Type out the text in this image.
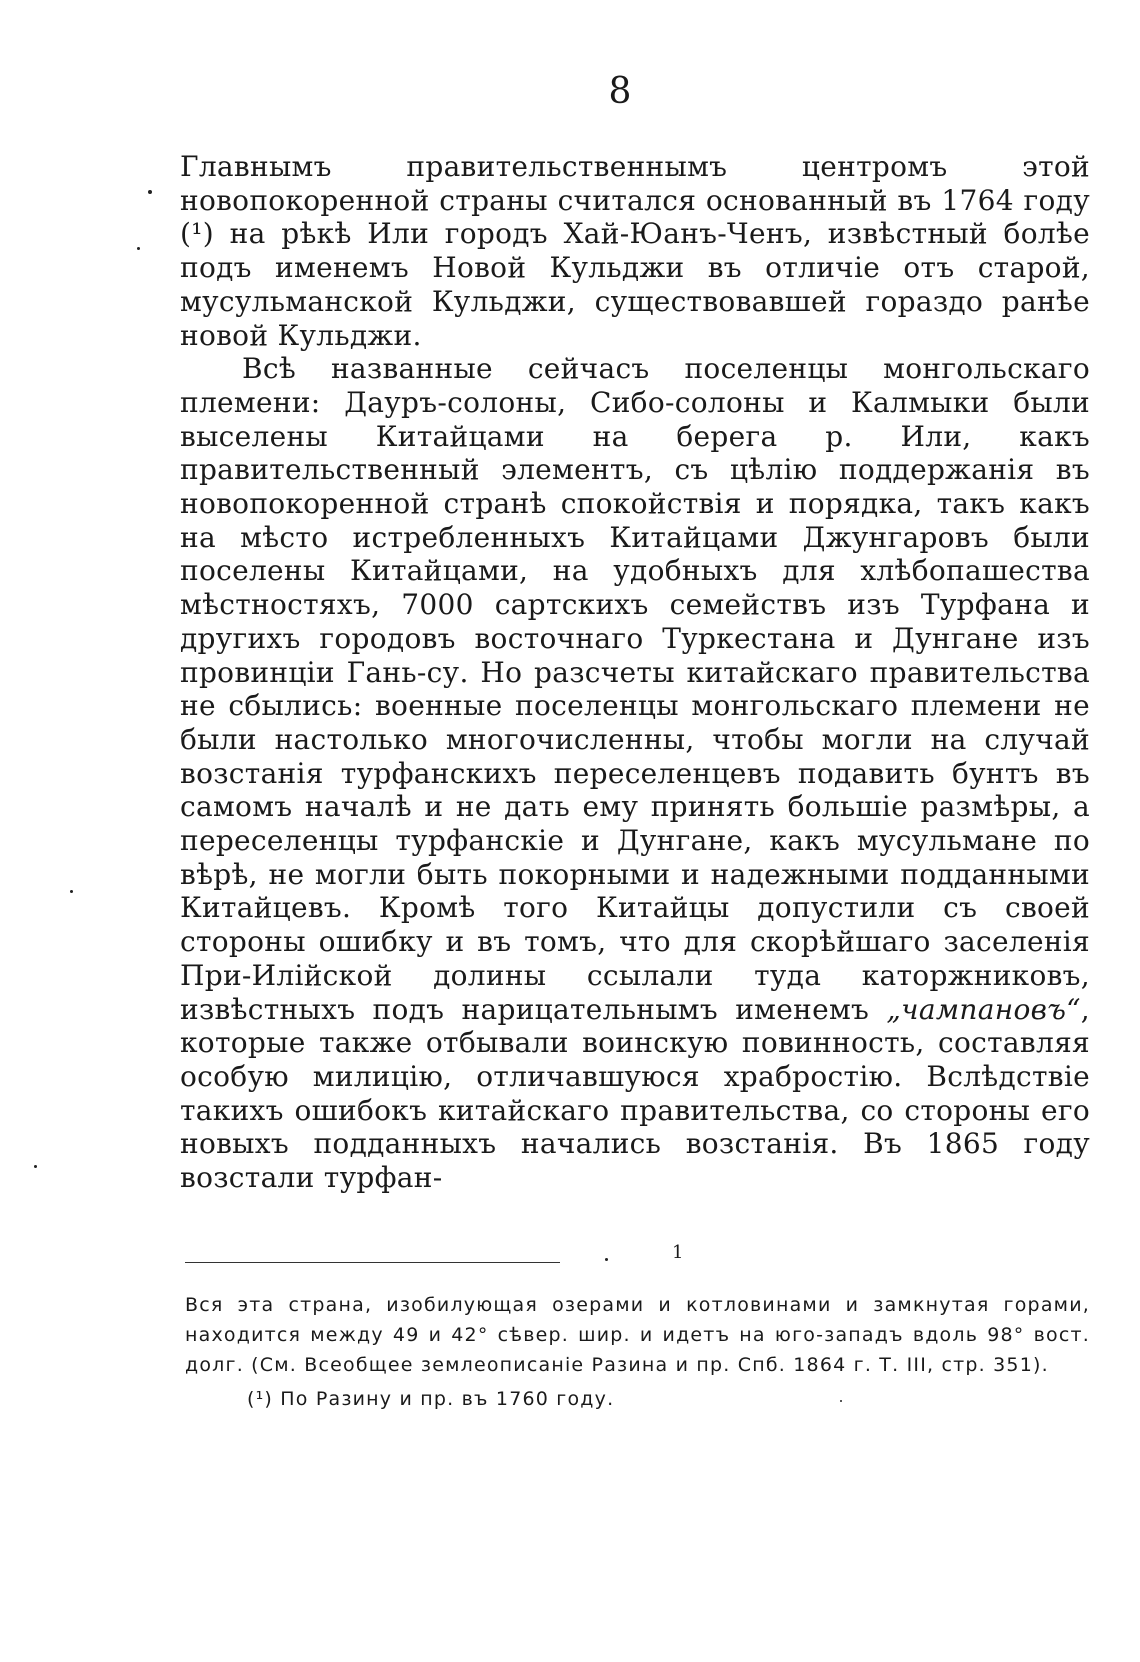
8

Главнымъ правительственнымъ центромъ этой новопокоренной страны считался основанный въ 1764 году (¹) на рѣкѣ Или городъ Хай-Юанъ-Ченъ, извѣстный болѣе подъ именемъ Новой Кульджи въ отличіе отъ старой, мусульманской Кульджи, существовавшей гораздо ранѣе новой Кульджи.

Всѣ названные сейчасъ поселенцы монгольскаго племени: Дауръ-солоны, Сибо-солоны и Калмыки были выселены Китайцами на берега р. Или, какъ правительственный элементъ, съ цѣлію поддержанія въ новопокоренной странѣ спокойствія и порядка, такъ какъ на мѣсто истребленныхъ Китайцами Джунгаровъ были поселены Китайцами, на удобныхъ для хлѣбопашества мѣстностяхъ, 7000 сартскихъ семействъ изъ Турфана и другихъ городовъ восточнаго Туркестана и Дунгане изъ провинціи Гань-су. Но разсчеты китайскаго правительства не сбылись: военные поселенцы монгольскаго племени не были настолько многочисленны, чтобы могли на случай возстанія турфанскихъ переселенцевъ подавить бунтъ въ самомъ началѣ и не дать ему принять большіе размѣры, а переселенцы турфанскіе и Дунгане, какъ мусульмане по вѣрѣ, не могли быть покорными и надежными подданными Китайцевъ. Кромѣ того Китайцы допустили съ своей стороны ошибку и въ томъ, что для скорѣйшаго заселенія При-Илійской долины ссылали туда каторжниковъ, извѣстныхъ подъ нарицательнымъ именемъ „чампановъ“, которые также отбывали воинскую повинность, составляя особую милицію, отличавшуюся храбростію. Вслѣдствіе такихъ ошибокъ китайскаго правительства, со стороны его новыхъ подданныхъ начались возстанія. Въ 1865 году возстали турфан-

1

Вся эта страна, изобилующая озерами и котловинами и замкнутая горами, находится между 49 и 42° сѣвер. шир. и идетъ на юго-западъ вдоль 98° вост. долг. (См. Всеобщее землеописаніе Разина и пр. Спб. 1864 г. Т. III, стр. 351).

(¹) По Разину и пр. въ 1760 году.
